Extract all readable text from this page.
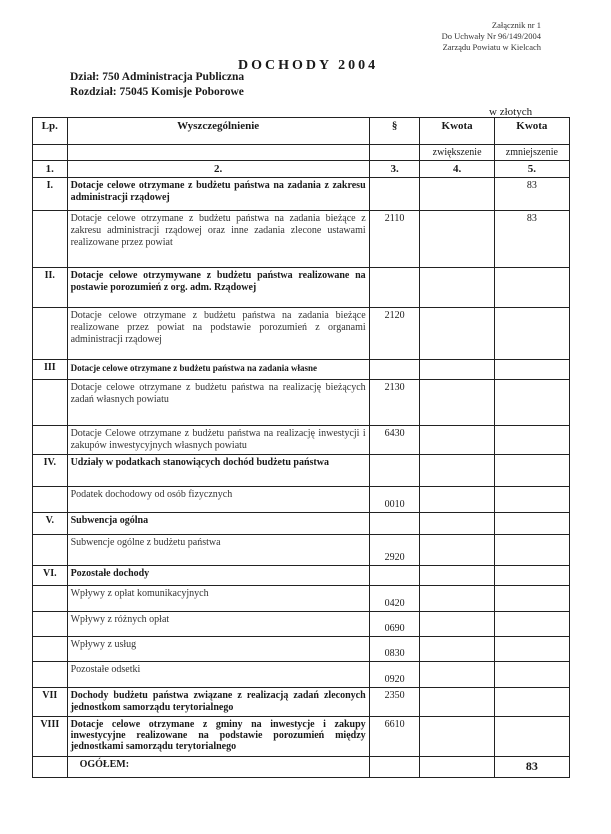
Załącznik nr 1
Do Uchwały Nr 96/149/2004
Zarządu Powiatu w Kielcach
DOCHODY 2004
Dział: 750 Administracja Publiczna
Rozdział: 75045 Komisje Poborowe
w złotych
Lp.	Wyszczególnienie	§	Kwota	Kwota
			zwiększenie	zmniejszenie
1.	2.	3.	4.	5.
I.	Dotacje celowe otrzymane z budżetu państwa na zadania z zakresu administracji rządowej			83
	Dotacje celowe otrzymane z budżetu państwa na zadania bieżące z zakresu administracji rządowej oraz inne zadania zlecone ustawami realizowane przez powiat	2110		83
II.	Dotacje celowe otrzymywane z budżetu państwa realizowane na postawie porozumień z org. adm. Rządowej			
	Dotacje celowe otrzymane z budżetu państwa na zadania bieżące realizowane przez powiat na podstawie porozumień z organami administracji rządowej	2120		
III	Dotacje celowe otrzymane z budżetu państwa na zadania własne			
	Dotacje celowe otrzymane z budżetu państwa na realizację bieżących zadań własnych powiatu	2130		
	Dotacje Celowe otrzymane z budżetu państwa na realizację inwestycji i zakupów inwestycyjnych własnych powiatu	6430		
IV.	Udziały w podatkach stanowiących dochód budżetu państwa			
	Podatek dochodowy od osób fizycznych	0010		
V.	Subwencja ogólna			
	Subwencje ogólne z budżetu państwa	2920		
VI.	Pozostałe dochody			
	Wpływy z opłat komunikacyjnych	0420		
	Wpływy z różnych opłat	0690		
	Wpływy z usług	0830		
	Pozostałe odsetki	0920		
VII	Dochody budżetu państwa związane z realizacją zadań zleconych jednostkom samorządu terytorialnego	2350		
VIII	Dotacje celowe otrzymane z gminy na inwestycje i zakupy inwestycyjne realizowane na podstawie porozumień między jednostkami samorządu terytorialnego	6610		
	OGÓŁEM:			83
